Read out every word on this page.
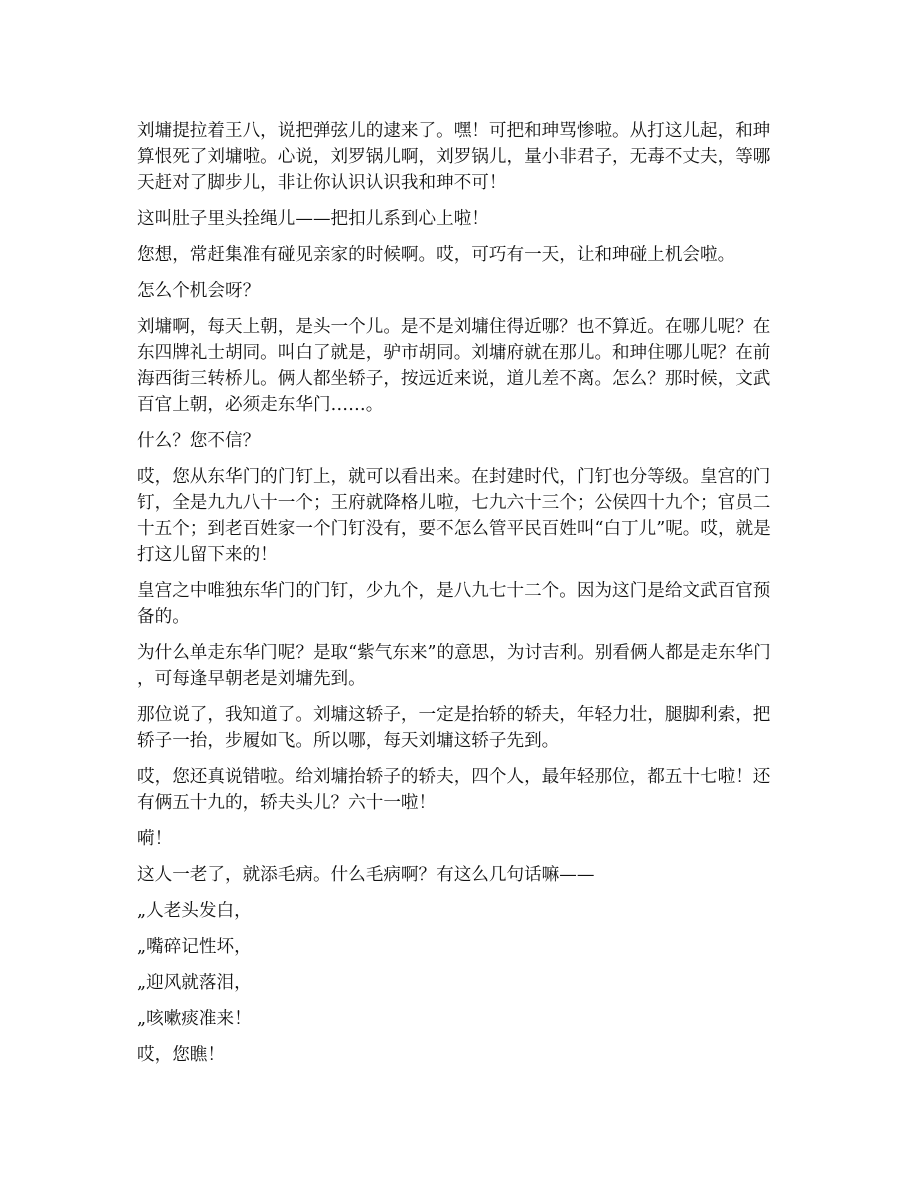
刘墉提拉着王八，说把弹弦儿的逮来了。嘿！可把和珅骂惨啦。从打这儿起，和珅
算恨死了刘墉啦。心说，刘罗锅儿啊，刘罗锅儿，量小非君子，无毒不丈夫，等哪
天赶对了脚步儿，非让你认识认识我和珅不可！

这叫肚子里头拴绳儿——把扣儿系到心上啦！

您想，常赶集准有碰见亲家的时候啊。哎，可巧有一天，让和珅碰上机会啦。

怎么个机会呀？

刘墉啊，每天上朝，是头一个儿。是不是刘墉住得近哪？也不算近。在哪儿呢？在
东四牌礼士胡同。叫白了就是，驴市胡同。刘墉府就在那儿。和珅住哪儿呢？在前
海西街三转桥儿。俩人都坐轿子，按远近来说，道儿差不离。怎么？那时候，文武
百官上朝，必须走东华门……。

什么？您不信？

哎，您从东华门的门钉上，就可以看出来。在封建时代，门钉也分等级。皇宫的门
钉，全是九九八十一个；王府就降格儿啦，七九六十三个；公侯四十九个；官员二
十五个；到老百姓家一个门钉没有，要不怎么管平民百姓叫“白丁儿”呢。哎，就是
打这儿留下来的！

皇宫之中唯独东华门的门钉，少九个，是八九七十二个。因为这门是给文武百官预
备的。

为什么单走东华门呢？是取“紫气东来”的意思，为讨吉利。别看俩人都是走东华门
，可每逢早朝老是刘墉先到。

那位说了，我知道了。刘墉这轿子，一定是抬轿的轿夫，年轻力壮，腿脚利索，把
轿子一抬，步履如飞。所以哪，每天刘墉这轿子先到。

哎，您还真说错啦。给刘墉抬轿子的轿夫，四个人，最年轻那位，都五十七啦！还
有俩五十九的，轿夫头儿？六十一啦！

嗬！

这人一老了，就添毛病。什么毛病啊？有这么几句话嘛——

„人老头发白，

„嘴碎记性坏，

„迎风就落泪，

„咳嗽痰准来！

哎，您瞧！
